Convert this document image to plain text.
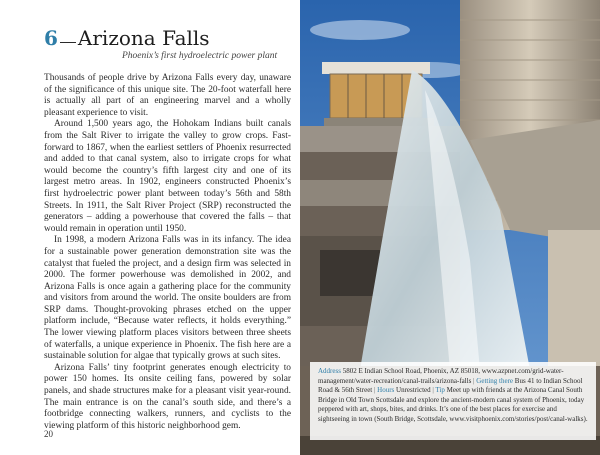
6 Arizona Falls
Phoenix’s first hydroelectric power plant

Thousands of people drive by Arizona Falls every day, unaware of the significance of this unique site. The 20-foot waterfall here is actually all part of an engineering marvel and a wholly pleasant experience to visit.

Around 1,500 years ago, the Hohokam Indians built canals from the Salt River to irrigate the valley to grow crops. Fast-forward to 1867, when the earliest settlers of Phoenix resurrected and added to that canal system, also to irrigate crops for what would become the country’s fifth largest city and one of its largest metro areas. In 1902, engineers constructed Phoenix’s first hydroelectric power plant between today’s 56th and 58th Streets. In 1911, the Salt River Project (SRP) reconstructed the generators – adding a powerhouse that covered the falls – that would remain in operation until 1950.

In 1998, a modern Arizona Falls was in its infancy. The idea for a sustainable power generation demonstration site was the catalyst that fueled the project, and a design firm was selected in 2000. The former powerhouse was demolished in 2002, and Arizona Falls is once again a gathering place for the community and visitors from around the world. The onsite boulders are from SRP dams. Thought-provoking phrases etched on the upper platform include, “Because water reflects, it holds everything.” The lower viewing platform places visitors between three sheets of waterfalls, a unique experience in Phoenix. The fish here are a sustainable solution for algae that typically grows at such sites.

Arizona Falls’ tiny footprint generates enough electricity to power 150 homes. Its onsite ceiling fans, powered by solar panels, and shade structures make for a pleasant visit year-round. The main entrance is on the canal’s south side, and there’s a footbridge connecting walkers, runners, and cyclists to the viewing platform of this historic neighborhood gem.

20
Address 5802 E Indian School Road, Phoenix, AZ 85018, www.azpnet.com/grid-water-management/water-recreation/canal-trails/arizona-falls | Getting there Bus 41 to Indian School Road & 56th Street | Hours Unrestricted | Tip Meet up with friends at the Arizona Canal South Bridge in Old Town Scottsdale and explore the ancient-modern canal system of Phoenix, today peppered with art, shops, bites, and drinks. It’s one of the best places for exercise and sightseeing in town (South Bridge, Scottsdale, www.visitphoenix.com/stories/post/canal-walks).
